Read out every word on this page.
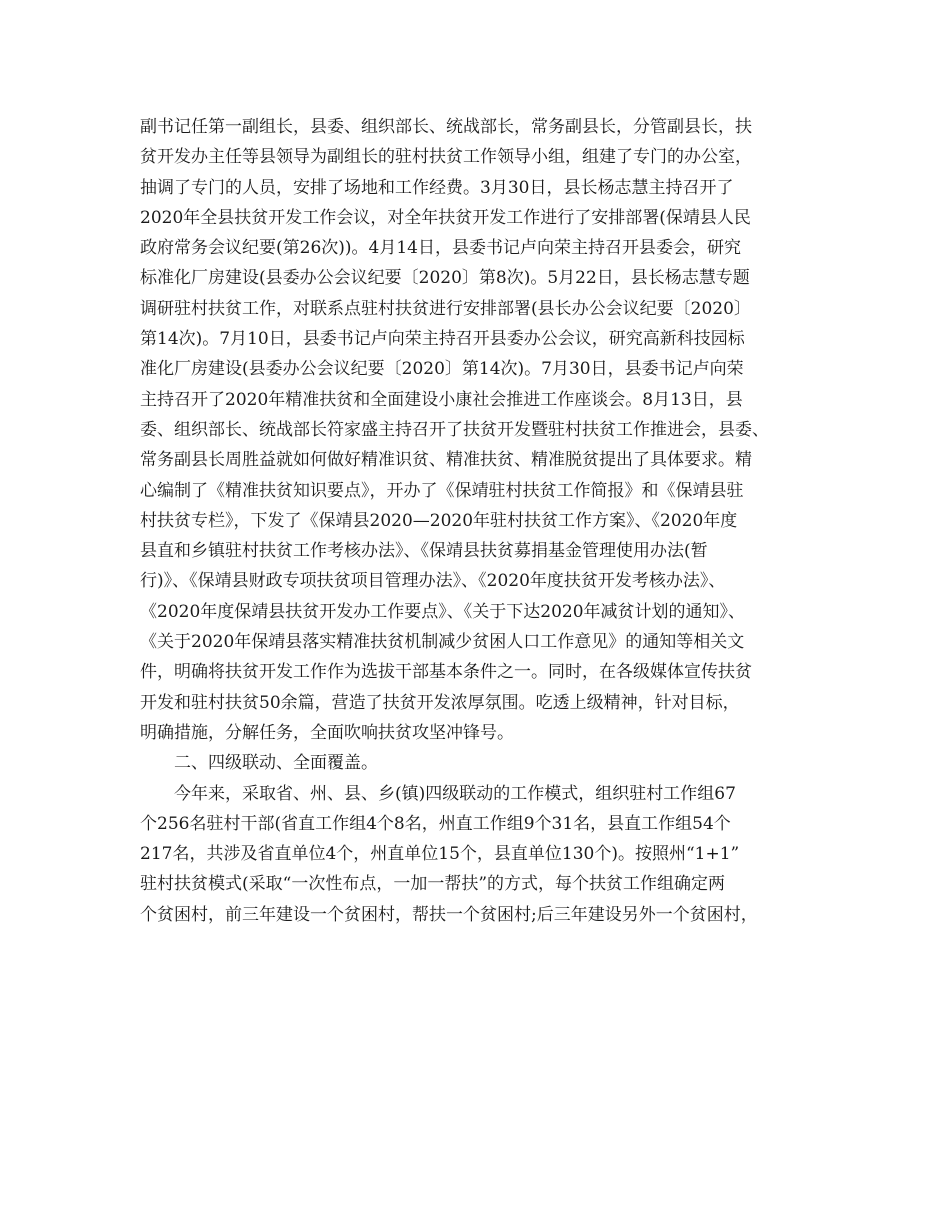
副书记任第一副组长，县委、组织部长、统战部长，常务副县长，分管副县长，扶
贫开发办主任等县领导为副组长的驻村扶贫工作领导小组，组建了专门的办公室，
抽调了专门的人员，安排了场地和工作经费。3月30日，县长杨志慧主持召开了
2020年全县扶贫开发工作会议，对全年扶贫开发工作进行了安排部署(保靖县人民
政府常务会议纪要(第26次))。4月14日，县委书记卢向荣主持召开县委会，研究
标准化厂房建设(县委办公会议纪要〔2020〕第8次)。5月22日，县长杨志慧专题
调研驻村扶贫工作，对联系点驻村扶贫进行安排部署(县长办公会议纪要〔2020〕
第14次)。7月10日，县委书记卢向荣主持召开县委办公会议，研究高新科技园标
准化厂房建设(县委办公会议纪要〔2020〕第14次)。7月30日，县委书记卢向荣
主持召开了2020年精准扶贫和全面建设小康社会推进工作座谈会。8月13日，县
委、组织部长、统战部长符家盛主持召开了扶贫开发暨驻村扶贫工作推进会，县委、
常务副县长周胜益就如何做好精准识贫、精准扶贫、精准脱贫提出了具体要求。精
心编制了《精准扶贫知识要点》，开办了《保靖驻村扶贫工作简报》和《保靖县驻
村扶贫专栏》，下发了《保靖县2020—2020年驻村扶贫工作方案》、《2020年度
县直和乡镇驻村扶贫工作考核办法》、《保靖县扶贫募捐基金管理使用办法(暂
行)》、《保靖县财政专项扶贫项目管理办法》、《2020年度扶贫开发考核办法》、
《2020年度保靖县扶贫开发办工作要点》、《关于下达2020年减贫计划的通知》、
《关于2020年保靖县落实精准扶贫机制减少贫困人口工作意见》的通知等相关文
件，明确将扶贫开发工作作为选拔干部基本条件之一。同时，在各级媒体宣传扶贫
开发和驻村扶贫50余篇，营造了扶贫开发浓厚氛围。吃透上级精神，针对目标，
明确措施，分解任务，全面吹响扶贫攻坚冲锋号。
二、四级联动、全面覆盖。
今年来，采取省、州、县、乡(镇)四级联动的工作模式，组织驻村工作组67
个256名驻村干部(省直工作组4个8名，州直工作组9个31名，县直工作组54个
217名，共涉及省直单位4个，州直单位15个，县直单位130个)。按照州“1+1”
驻村扶贫模式(采取“一次性布点，一加一帮扶”的方式，每个扶贫工作组确定两
个贫困村，前三年建设一个贫困村，帮扶一个贫困村;后三年建设另外一个贫困村，
